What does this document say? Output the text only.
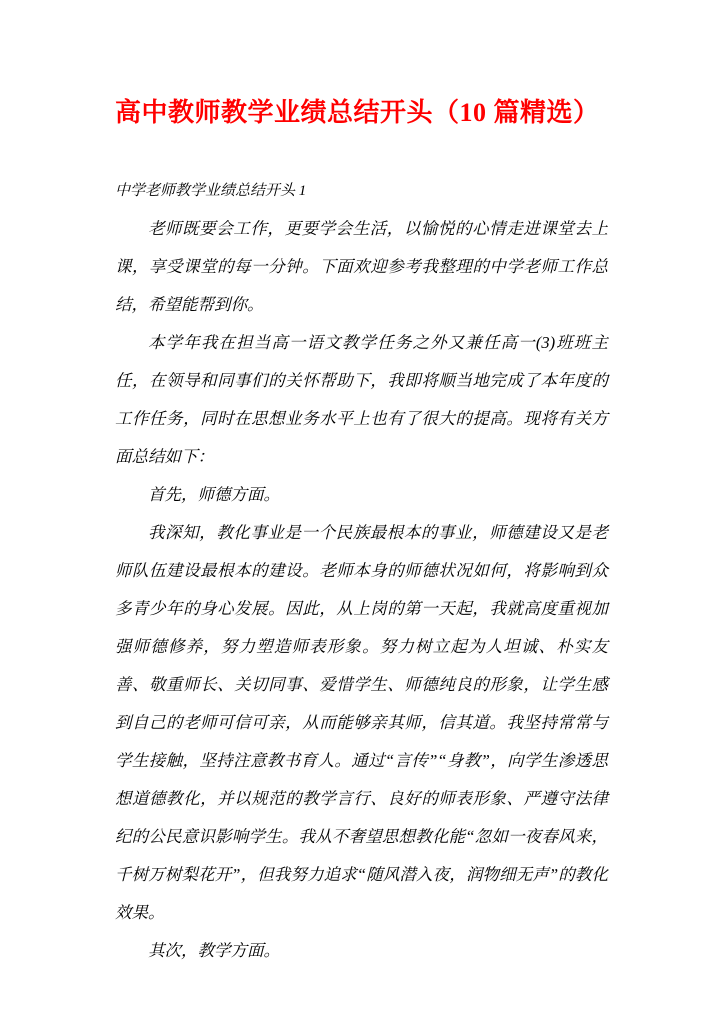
高中教师教学业绩总结开头（10 篇精选）

中学老师教学业绩总结开头 1

老师既要会工作，更要学会生活，以愉悦的心情走进课堂去上课，享受课堂的每一分钟。下面欢迎参考我整理的中学老师工作总结，希望能帮到你。

本学年我在担当高一语文教学任务之外又兼任高一(3)班班主任，在领导和同事们的关怀帮助下，我即将顺当地完成了本年度的工作任务，同时在思想业务水平上也有了很大的提高。现将有关方面总结如下：

首先，师德方面。

我深知，教化事业是一个民族最根本的事业，师德建设又是老师队伍建设最根本的建设。老师本身的师德状况如何，将影响到众多青少年的身心发展。因此，从上岗的第一天起，我就高度重视加强师德修养，努力塑造师表形象。努力树立起为人坦诚、朴实友善、敬重师长、关切同事、爱惜学生、师德纯良的形象，让学生感到自己的老师可信可亲，从而能够亲其师，信其道。我坚持常常与学生接触，坚持注意教书育人。通过“言传”“身教”，向学生渗透思想道德教化，并以规范的教学言行、良好的师表形象、严遵守法律纪的公民意识影响学生。我从不奢望思想教化能“忽如一夜春风来，千树万树梨花开”，但我努力追求“随风潜入夜，润物细无声”的教化效果。

其次，教学方面。
